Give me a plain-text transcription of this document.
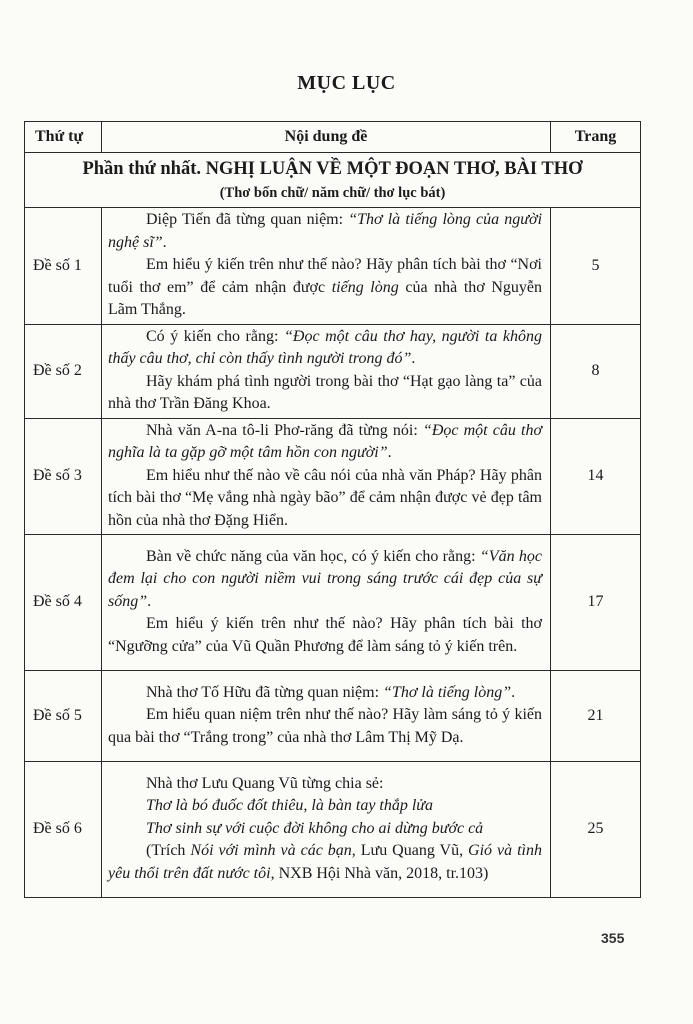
MỤC LỤC
Thứ tự	Nội dung đề	Trang

Phần thứ nhất. NGHỊ LUẬN VỀ MỘT ĐOẠN THƠ, BÀI THƠ
(Thơ bốn chữ/ năm chữ/ thơ lục bát)		

Đề số 1	Diệp Tiến đã từng quan niệm: “Thơ là tiếng lòng của người nghệ sĩ”.

Em hiểu ý kiến trên như thế nào? Hãy phân tích bài thơ “Nơi tuổi thơ em” để cảm nhận được tiếng lòng của nhà thơ Nguyễn Lãm Thắng.	5
Đề số 2	Có ý kiến cho rằng: “Đọc một câu thơ hay, người ta không thấy câu thơ, chỉ còn thấy tình người trong đó”.

Hãy khám phá tình người trong bài thơ “Hạt gạo làng ta” của nhà thơ Trần Đăng Khoa.	8
Đề số 3	Nhà văn A-na tô-li Phơ-răng đã từng nói: “Đọc một câu thơ nghĩa là ta gặp gỡ một tâm hồn con người”.

Em hiểu như thế nào về câu nói của nhà văn Pháp? Hãy phân tích bài thơ “Mẹ vắng nhà ngày bão” để cảm nhận được vẻ đẹp tâm hồn của nhà thơ Đặng Hiển.	14
Đề số 4	Bàn về chức năng của văn học, có ý kiến cho rằng: “Văn học đem lại cho con người niềm vui trong sáng trước cái đẹp của sự sống”.

Em hiểu ý kiến trên như thế nào? Hãy phân tích bài thơ “Ngưỡng cửa” của Vũ Quần Phương để làm sáng tỏ ý kiến trên.	17
Đề số 5	Nhà thơ Tố Hữu đã từng quan niệm: “Thơ là tiếng lòng”.

Em hiểu quan niệm trên như thế nào? Hãy làm sáng tỏ ý kiến qua bài thơ “Trắng trong” của nhà thơ Lâm Thị Mỹ Dạ.	21
Đề số 6	Nhà thơ Lưu Quang Vũ từng chia sẻ:

Thơ là bó đuốc đốt thiêu, là bàn tay thắp lửa

Thơ sinh sự với cuộc đời không cho ai dừng bước cả

(Trích Nói với mình và các bạn, Lưu Quang Vũ, Gió và tình yêu thổi trên đất nước tôi, NXB Hội Nhà văn, 2018, tr.103)	25
355
